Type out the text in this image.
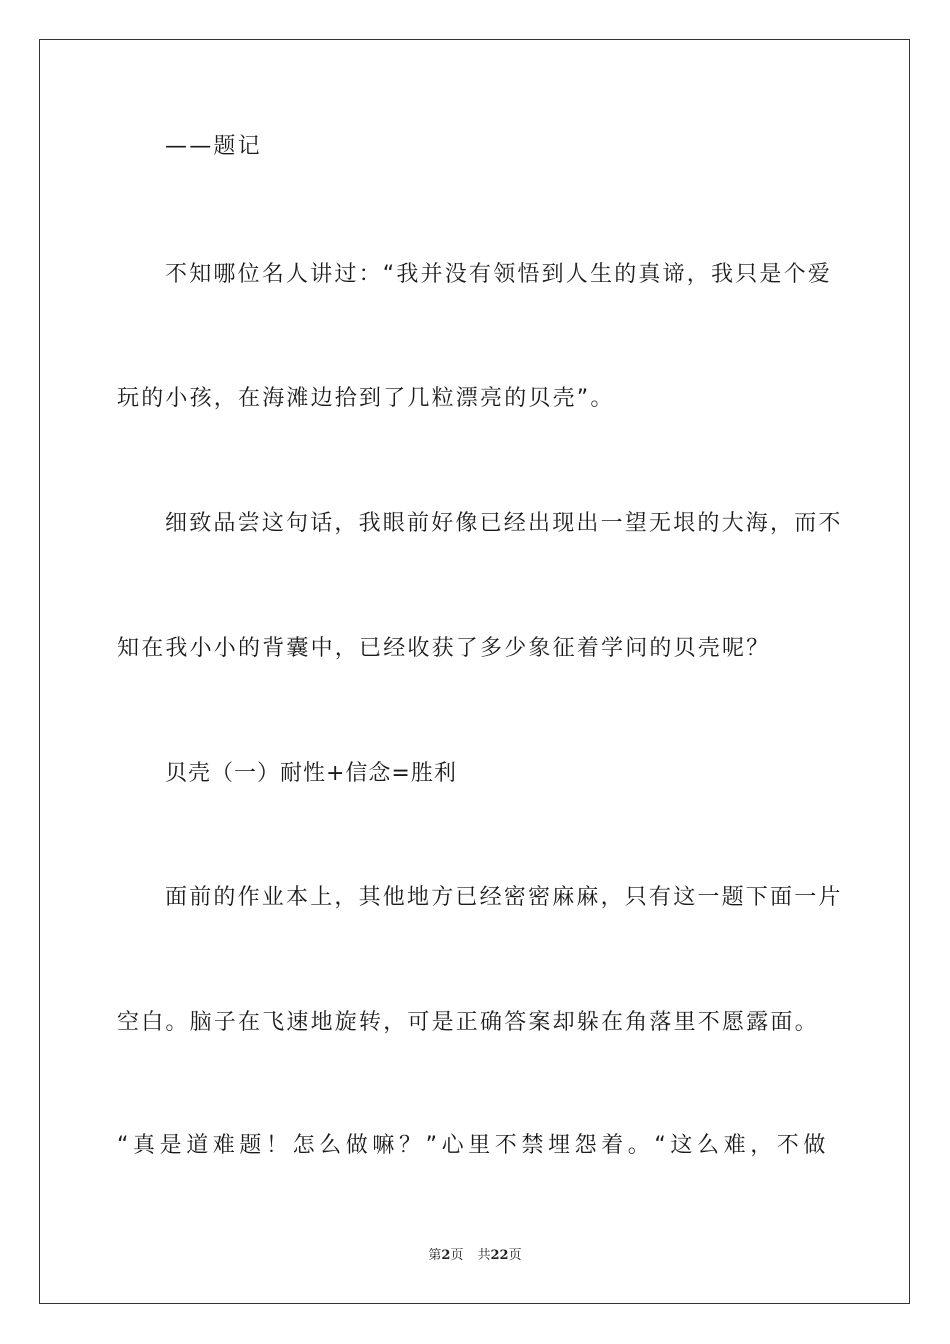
——题记
不知哪位名人讲过：“我并没有领悟到人生的真谛，我只是个爱
玩的小孩，在海滩边拾到了几粒漂亮的贝壳”。
细致品尝这句话，我眼前好像已经出现出一望无垠的大海，而不
知在我小小的背囊中，已经收获了多少象征着学问的贝壳呢？
贝壳（一）耐性+信念=胜利
面前的作业本上，其他地方已经密密麻麻，只有这一题下面一片
空白。脑子在飞速地旋转，可是正确答案却躲在角落里不愿露面。
“真是道难题！怎么做嘛？”心里不禁埋怨着。“这么难，不做
第2页 共22页
